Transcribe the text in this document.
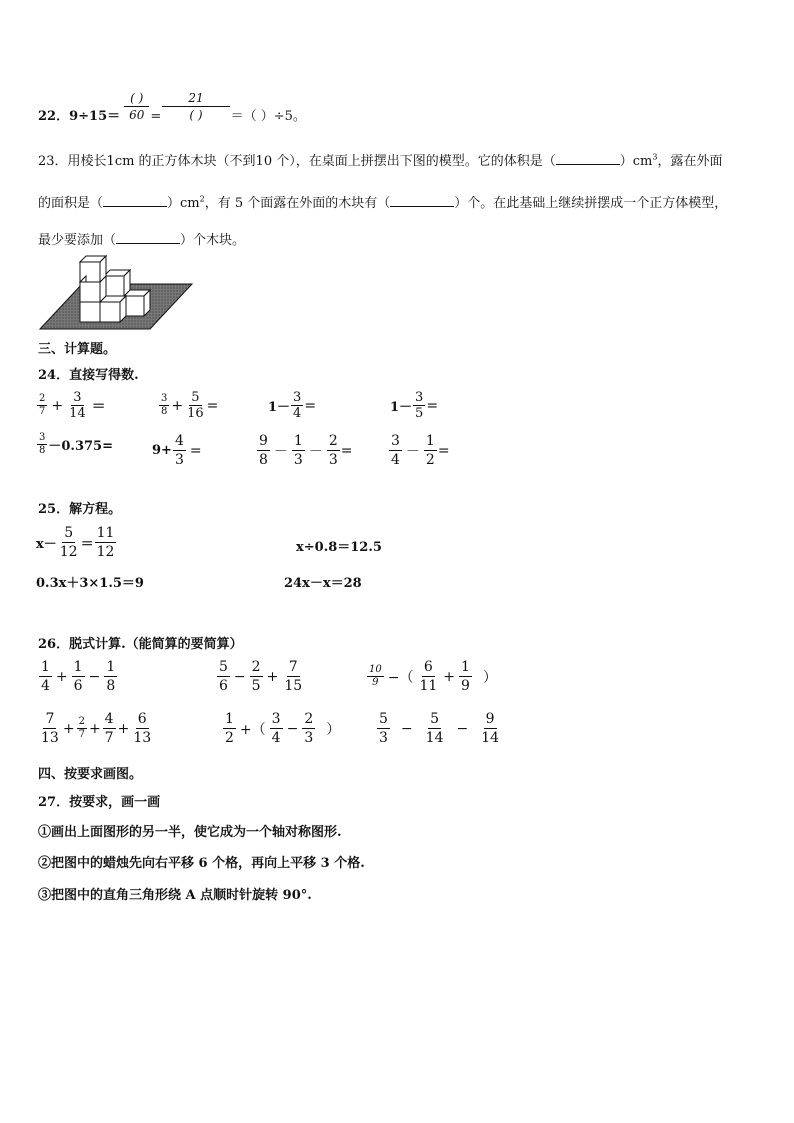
22．$9\div 15= \frac{( )}{60} = \frac{21}{( )}$ ＝（ ）÷5。
23．用棱长1cm 的正方体木块（不到10 个），在桌面上拼摆出下图的模型。它的体积是（	）$cm^3$，露在外面
的面积是（	）$cm^2$，有 5 个面露在外面的木块有（	）个。在此基础上继续拼摆成一个正方体模型，
最少要添加（	）个木块。
三、计算题。
24．直接写得数.
$\frac{2}{7} + \frac{3}{14}$ ＝	$\frac{3}{8} + \frac{5}{16}$ =	$1- \frac{3}{4}$ =	$1- \frac{3}{5}$ =
$\frac{3}{8} -0.375=$	$9+ \frac{4}{3}$ =	$\frac{9}{8} - \frac{1}{3} - \frac{2}{3}$ =	$\frac{3}{4} - \frac{1}{2}$ =
25．解方程。
$x- \frac{5}{12} = \frac{11}{12}$	x÷0.8＝12.5
0.3x＋3×1.5＝9	24x－x＝28
26．脱式计算.（能简算的要简算）
$\frac{1}{4} + \frac{1}{6} - \frac{1}{8}$	$\frac{5}{6} - \frac{2}{5} + \frac{7}{15}$	$\frac{10}{9}$ −（ $\frac{6}{11} + \frac{1}{9}$ ）
$\frac{7}{13} + \frac{2}{7} + \frac{4}{7} + \frac{6}{13}$	$\frac{1}{2}$ +（ $\frac{3}{4} - \frac{2}{3}$ ）	$\frac{5}{3} - \frac{5}{14} - \frac{9}{14}$
四、按要求画图。
27．按要求，画一画
①画出上面图形的另一半，使它成为一个轴对称图形.
②把图中的蜡烛先向右平移 6 个格，再向上平移 3 个格.
③把图中的直角三角形绕 A 点顺时针旋转 90°.
